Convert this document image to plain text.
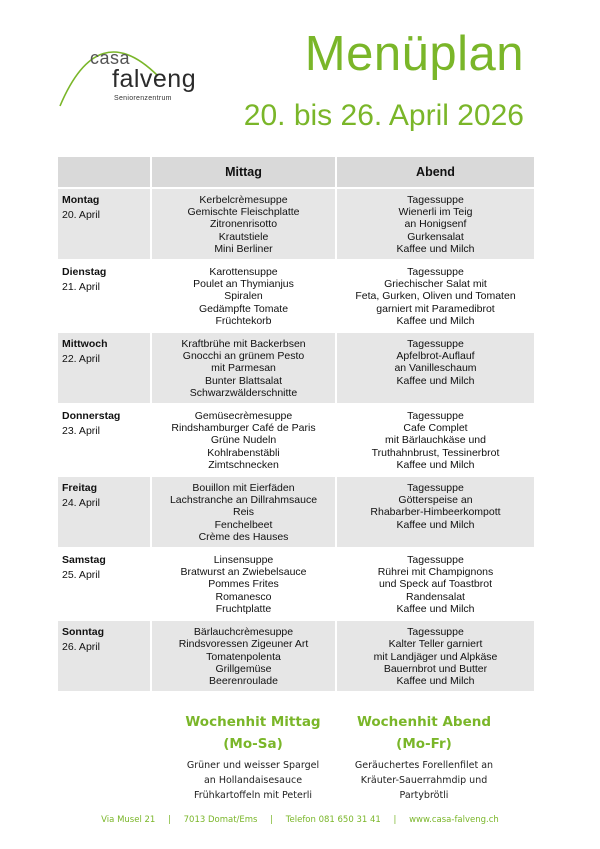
casa
falveng
Seniorenzentrum
Menüplan
20. bis 26. April 2026
	Mittag	Abend

Montag
20. April	Kerbelcrèmesuppe
Gemischte Fleischplatte
Zitronenrisotto
Krautstiele
Mini Berliner	Tagessuppe
Wienerli im Teig
an Honigsenf
Gurkensalat
Kaffee und Milch

Dienstag
21. April	Karottensuppe
Poulet an Thymianjus
Spiralen
Gedämpfte Tomate
Früchtekorb	Tagessuppe
Griechischer Salat mit
Feta, Gurken, Oliven und Tomaten
garniert mit Paramedibrot
Kaffee und Milch

Mittwoch
22. April	Kraftbrühe mit Backerbsen
Gnocchi an grünem Pesto
mit Parmesan
Bunter Blattsalat
Schwarzwälderschnitte	Tagessuppe
Apfelbrot-Auflauf
an Vanilleschaum
Kaffee und Milch

Donnerstag
23. April	Gemüsecrèmesuppe
Rindshamburger Café de Paris
Grüne Nudeln
Kohlrabenstäbli
Zimtschnecken	Tagessuppe
Cafe Complet
mit Bärlauchkäse und
Truthahnbrust, Tessinerbrot
Kaffee und Milch

Freitag
24. April	Bouillon mit Eierfäden
Lachstranche an Dillrahmsauce
Reis
Fenchelbeet
Crème des Hauses	Tagessuppe
Götterspeise an
Rhabarber-Himbeerkompott
Kaffee und Milch

Samstag
25. April	Linsensuppe
Bratwurst an Zwiebelsauce
Pommes Frites
Romanesco
Fruchtplatte	Tagessuppe
Rührei mit Champignons
und Speck auf Toastbrot
Randensalat
Kaffee und Milch

Sonntag
26. April	Bärlauchcrèmesuppe
Rindsvoressen Zigeuner Art
Tomatenpolenta
Grillgemüse
Beerenroulade	Tagessuppe
Kalter Teller garniert
mit Landjäger und Alpkäse
Bauernbrot und Butter
Kaffee und Milch
Wochenhit Mittag
(Mo-Sa)
Grüner und weisser Spargel
an Hollandaisesauce
Frühkartoffeln mit Peterli
Wochenhit Abend
(Mo-Fr)
Geräuchertes Forellenfilet an
Kräuter-Sauerrahmdip und
Partybrötli
Via Musel 21 | 7013 Domat/Ems | Telefon 081 650 31 41 | www.casa-falveng.ch
